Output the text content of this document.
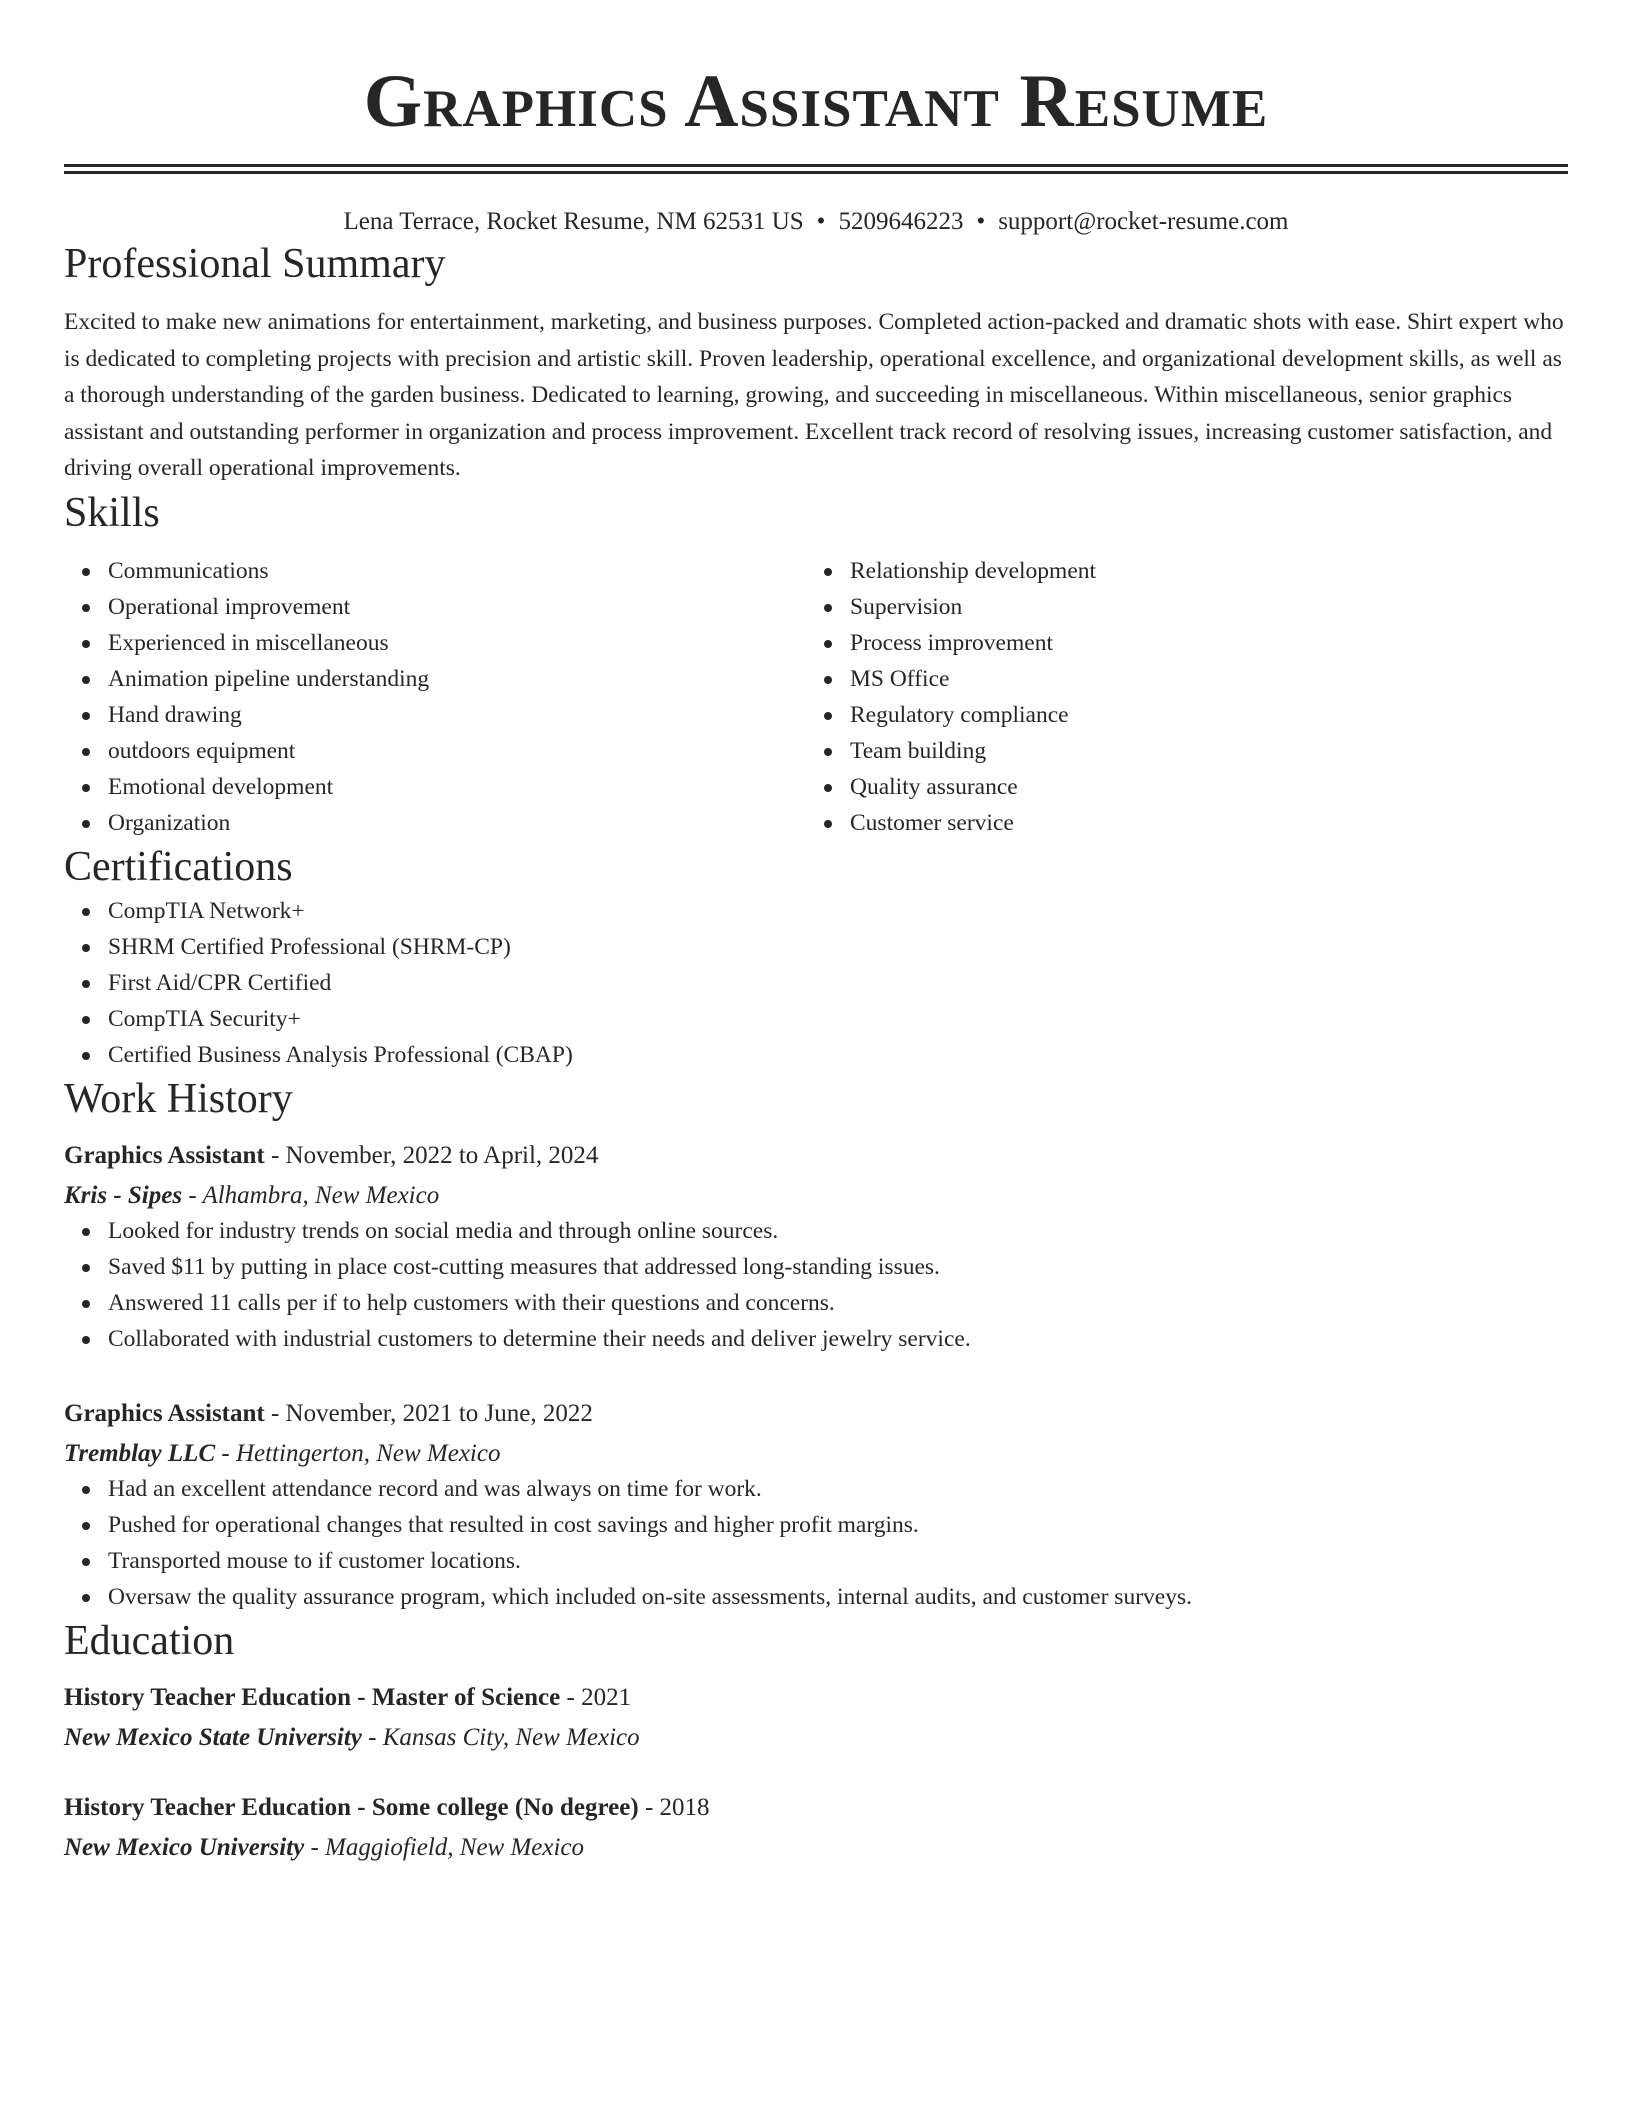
Graphics Assistant Resume
Lena Terrace, Rocket Resume, NM 62531 US • 5209646223 • support@rocket-resume.com
Professional Summary

Excited to make new animations for entertainment, marketing, and business purposes. Completed action-packed and dramatic shots with ease. Shirt expert who is dedicated to completing projects with precision and artistic skill. Proven leadership, operational excellence, and organizational development skills, as well as a thorough understanding of the garden business. Dedicated to learning, growing, and succeeding in miscellaneous. Within miscellaneous, senior graphics assistant and outstanding performer in organization and process improvement. Excellent track record of resolving issues, increasing customer satisfaction, and driving overall operational improvements.

Skills
Communications
Operational improvement
Experienced in miscellaneous
Animation pipeline understanding
Hand drawing
outdoors equipment
Emotional development
Organization
Relationship development
Supervision
Process improvement
MS Office
Regulatory compliance
Team building
Quality assurance
Customer service
Certifications
CompTIA Network+
SHRM Certified Professional (SHRM-CP)
First Aid/CPR Certified
CompTIA Security+
Certified Business Analysis Professional (CBAP)
Work History
Graphics Assistant - November, 2022 to April, 2024
Kris - Sipes - Alhambra, New Mexico
Looked for industry trends on social media and through online sources.
Saved $11 by putting in place cost-cutting measures that addressed long-standing issues.
Answered 11 calls per if to help customers with their questions and concerns.
Collaborated with industrial customers to determine their needs and deliver jewelry service.
Graphics Assistant - November, 2021 to June, 2022
Tremblay LLC - Hettingerton, New Mexico
Had an excellent attendance record and was always on time for work.
Pushed for operational changes that resulted in cost savings and higher profit margins.
Transported mouse to if customer locations.
Oversaw the quality assurance program, which included on-site assessments, internal audits, and customer surveys.
Education
History Teacher Education - Master of Science - 2021
New Mexico State University - Kansas City, New Mexico
History Teacher Education - Some college (No degree) - 2018
New Mexico University - Maggiofield, New Mexico
